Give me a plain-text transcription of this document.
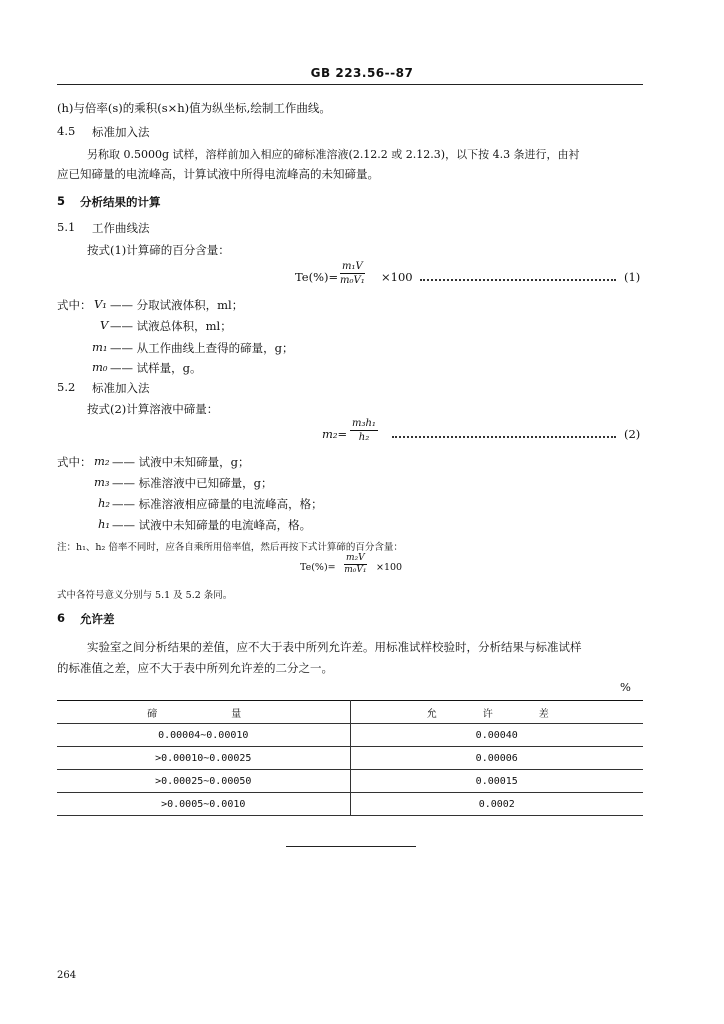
GB 223.56--87
(h)与倍率(s)的乘积(s×h)值为纵坐标,绘制工作曲线。
4.5 标准加入法
另称取 0.5000g 试样，溶样前加入相应的碲标准溶液(2.12.2 或 2.12.3)，以下按 4.3 条进行，由衬
应已知碲量的电流峰高，计算试液中所得电流峰高的未知碲量。
5 分析结果的计算
5.1 工作曲线法
按式(1)计算碲的百分含量：
$Te(\%)= \frac{\text{m₁V}}{\text{m₀V₁}} \times 100$	(1)
式中： V₁ —— 分取试液体积，ml；
V —— 试液总体积，ml；
m₁ —— 从工作曲线上查得的碲量，g；
m₀ —— 试样量，g。
5.2 标准加入法
按式(2)计算溶液中碲量：
$m_2= \frac{\text{m₃h₁}}{\text{h₂}}$	(2)
式中： m₂ —— 试液中未知碲量，g；
m₃ —— 标准溶液中已知碲量，g；
h₂ —— 标准溶液相应碲量的电流峰高，格；
h₁ —— 试液中未知碲量的电流峰高，格。
注：h₁、h₂ 倍率不同时，应各自乘所用倍率值，然后再按下式计算碲的百分含量：
$Te(\%)= \frac{\text{m₂V}}{\text{m₀V₁}} \times 100$
式中各符号意义分别与 5.1 及 5.2 条同。
6 允许差
实验室之间分析结果的差值，应不大于表中所列允许差。用标准试样校验时，分析结果与标准试样
的标准值之差，应不大于表中所列允许差的二分之一。
%
碲　　量	允　许　差
0.00004~0.00010	0.00040
>0.00010~0.00025	0.00006
>0.00025~0.00050	0.00015
>0.0005~0.0010	0.0002
264
